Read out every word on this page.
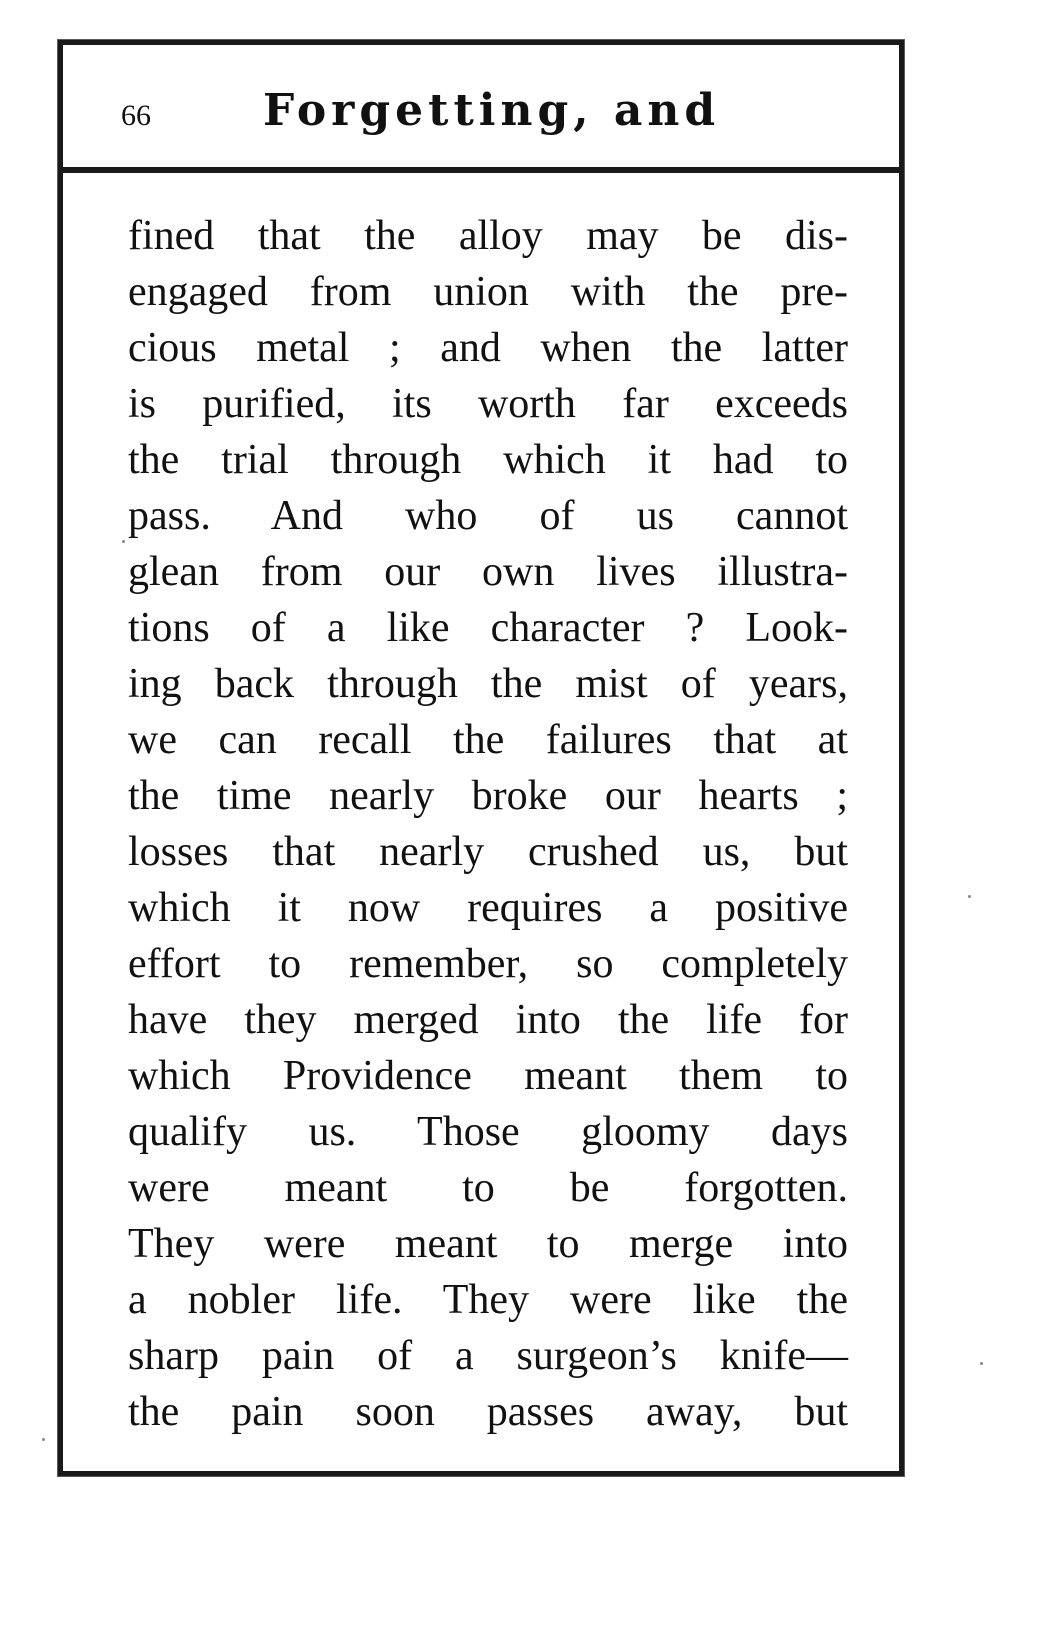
66	Forgetting, and
fined that the alloy may be dis-
engaged from union with the pre-
cious metal ; and when the latter
is purified, its worth far exceeds
the trial through which it had to
pass. And who of us cannot
glean from our own lives illustra-
tions of a like character ? Look-
ing back through the mist of years,
we can recall the failures that at
the time nearly broke our hearts ;
losses that nearly crushed us, but
which it now requires a positive
effort to remember, so completely
have they merged into the life for
which Providence meant them to
qualify us. Those gloomy days
were meant to be forgotten.
They were meant to merge into
a nobler life. They were like the
sharp pain of a surgeon’s knife—
the pain soon passes away, but
